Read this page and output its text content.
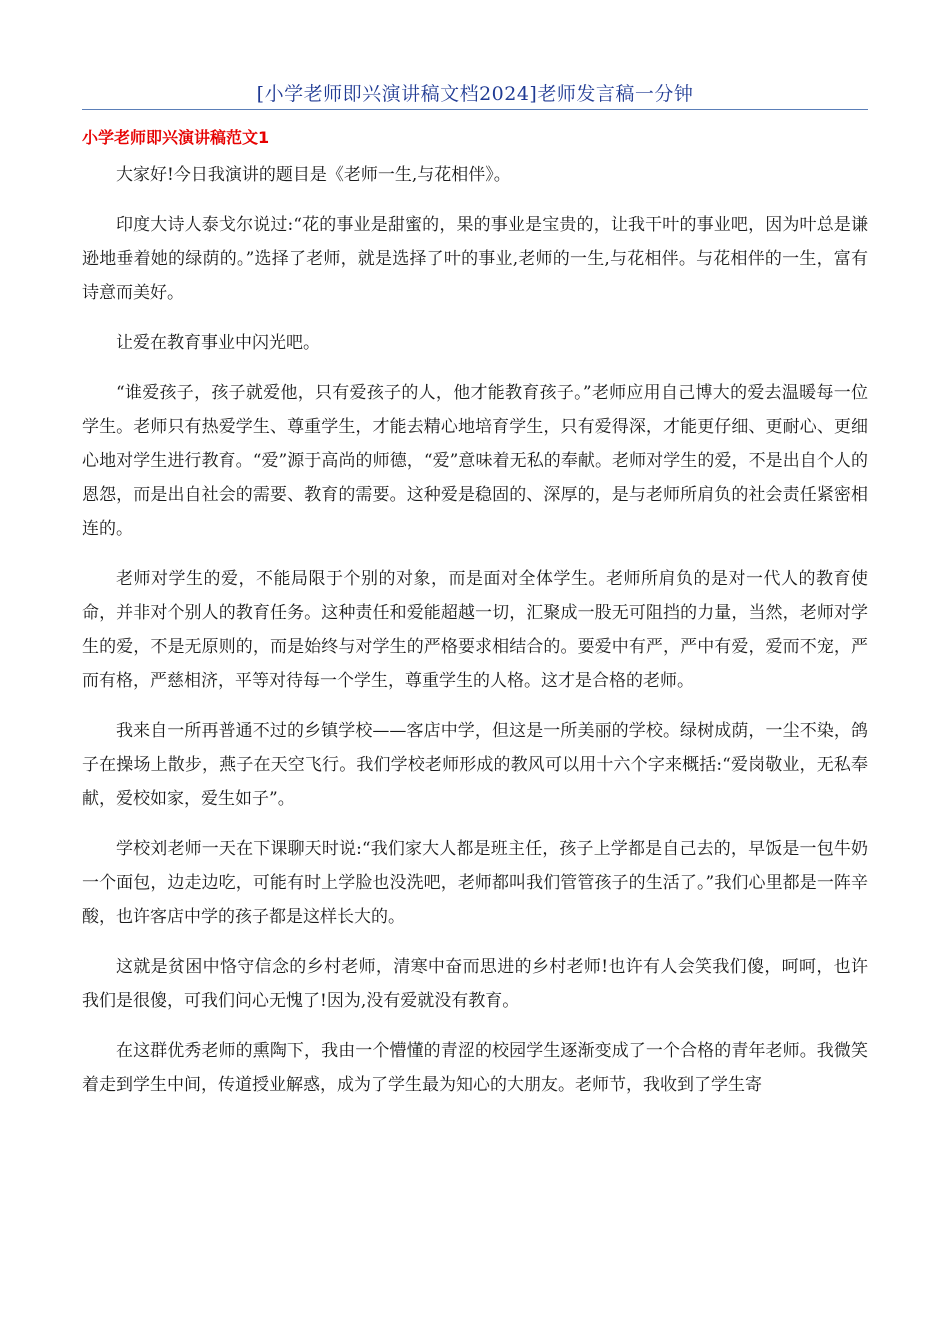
[小学老师即兴演讲稿文档2024]老师发言稿一分钟
小学老师即兴演讲稿范文1

大家好!今日我演讲的题目是《老师一生,与花相伴》。

印度大诗人泰戈尔说过:“花的事业是甜蜜的，果的事业是宝贵的，让我干叶的事业吧，因为叶总是谦逊地垂着她的绿荫的。”选择了老师，就是选择了叶的事业,老师的一生,与花相伴。与花相伴的一生，富有诗意而美好。

让爱在教育事业中闪光吧。

“谁爱孩子，孩子就爱他，只有爱孩子的人，他才能教育孩子。”老师应用自己博大的爱去温暖每一位学生。老师只有热爱学生、尊重学生，才能去精心地培育学生，只有爱得深，才能更仔细、更耐心、更细心地对学生进行教育。“爱”源于高尚的师德，“爱”意味着无私的奉献。老师对学生的爱，不是出自个人的恩怨，而是出自社会的需要、教育的需要。这种爱是稳固的、深厚的，是与老师所肩负的社会责任紧密相连的。

老师对学生的爱，不能局限于个别的对象，而是面对全体学生。老师所肩负的是对一代人的教育使命，并非对个别人的教育任务。这种责任和爱能超越一切，汇聚成一股无可阻挡的力量，当然，老师对学生的爱，不是无原则的，而是始终与对学生的严格要求相结合的。要爱中有严，严中有爱，爱而不宠，严而有格，严慈相济，平等对待每一个学生，尊重学生的人格。这才是合格的老师。

我来自一所再普通不过的乡镇学校——客店中学，但这是一所美丽的学校。绿树成荫，一尘不染，鸽子在操场上散步，燕子在天空飞行。我们学校老师形成的教风可以用十六个字来概括:“爱岗敬业，无私奉献，爱校如家，爱生如子”。

学校刘老师一天在下课聊天时说:“我们家大人都是班主任，孩子上学都是自己去的，早饭是一包牛奶一个面包，边走边吃，可能有时上学脸也没洗吧，老师都叫我们管管孩子的生活了。”我们心里都是一阵辛酸，也许客店中学的孩子都是这样长大的。

这就是贫困中恪守信念的乡村老师，清寒中奋而思进的乡村老师!也许有人会笑我们傻，呵呵，也许我们是很傻，可我们问心无愧了!因为,没有爱就没有教育。

在这群优秀老师的熏陶下，我由一个懵懂的青涩的校园学生逐渐变成了一个合格的青年老师。我微笑着走到学生中间，传道授业解惑，成为了学生最为知心的大朋友。老师节，我收到了学生寄
